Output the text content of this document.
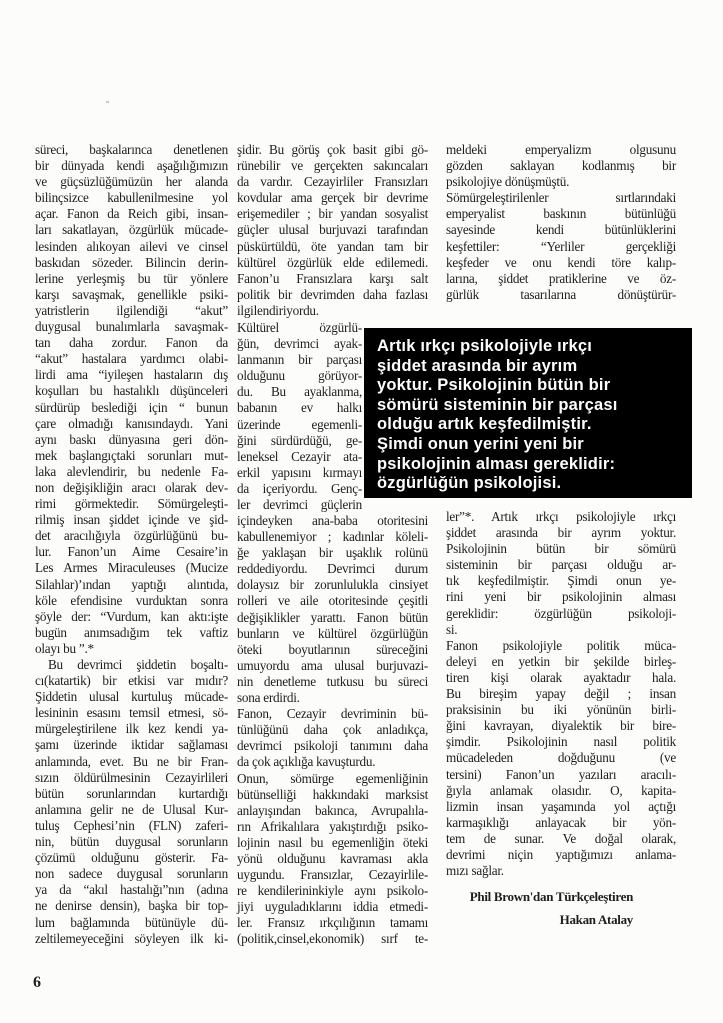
süreci, başkalarınca denetlenen
bir dünyada kendi aşağılığımızın
ve güçsüzlüğümüzün her alanda
bilinçsizce kabullenilmesine yol
açar. Fanon da Reich gibi, insan-
ları sakatlayan, özgürlük mücade-
lesinden alıkoyan ailevi ve cinsel
baskıdan sözeder. Bilincin derin-
lerine yerleşmiş bu tür yönlere
karşı savaşmak, genellikle psiki-
yatristlerin ilgilendiği “akut”
duygusal bunalımlarla savaşmak-
tan daha zordur. Fanon da
“akut” hastalara yardımcı olabi-
lirdi ama “iyileşen hastaların dış
koşulları bu hastalıklı düşünceleri
sürdürüp beslediği için “ bunun
çare olmadığı kanısındaydı. Yani
aynı baskı dünyasına geri dön-
mek başlangıçtaki sorunları mut-
laka alevlendirir, bu nedenle Fa-
non değişikliğin aracı olarak dev-
rimi görmektedir. Sömürgeleşti-
rilmiş insan şiddet içinde ve şid-
det aracılığıyla özgürlüğünü bu-
lur. Fanon’un Aime Cesaire’in
Les Armes Miraculeuses (Mucize
Silahlar)’ından yaptığı alıntıda,
köle efendisine vurduktan sonra
şöyle der: “Vurdum, kan aktı:işte
bugün anımsadığım tek vaftiz
olayı bu ”.*
Bu devrimci şiddetin boşaltı-
cı(katartik) bir etkisi var mıdır?
Şiddetin ulusal kurtuluş mücade-
lesininin esasını temsil etmesi, sö-
mürgeleştirilene ilk kez kendi ya-
şamı üzerinde iktidar sağlaması
anlamında, evet. Bu ne bir Fran-
sızın öldürülmesinin Cezayirlileri
bütün sorunlarından kurtardığı
anlamına gelir ne de Ulusal Kur-
tuluş Cephesi’nin (FLN) zaferi-
nin, bütün duygusal sorunların
çözümü olduğunu gösterir. Fa-
non sadece duygusal sorunların
ya da “akıl hastalığı”nın (adına
ne denirse densin), başka bir top-
lum bağlamında bütünüyle dü-
zeltilemeyeceğini söyleyen ilk ki-
şidir. Bu görüş çok basit gibi gö-
rünebilir ve gerçekten sakıncaları
da vardır. Cezayirliler Fransızları
kovdular ama gerçek bir devrime
erişemediler ; bir yandan sosyalist
güçler ulusal burjuvazi tarafından
püskürtüldü, öte yandan tam bir
kültürel özgürlük elde edilemedi.
Fanon’u Fransızlara karşı salt
politik bir devrimden daha fazlası
ilgilendiriyordu.
Kültürel özgürlü-
ğün, devrimci ayak-
lanmanın bir parçası
olduğunu görüyor-
du. Bu ayaklanma,
babanın ev halkı
üzerinde egemenli-
ğini sürdürdüğü, ge-
leneksel Cezayir ata-
erkil yapısını kırmayı
da içeriyordu. Genç-
ler devrimci güçlerin
içindeyken ana-baba otoritesini
kabullenemiyor ; kadınlar köleli-
ğe yaklaşan bir uşaklık rolünü
reddediyordu. Devrimci durum
dolaysız bir zorunlulukla cinsiyet
rolleri ve aile otoritesinde çeşitli
değişiklikler yarattı. Fanon bütün
bunların ve kültürel özgürlüğün
öteki boyutlarının süreceğini
umuyordu ama ulusal burjuvazi-
nin denetleme tutkusu bu süreci
sona erdirdi.
Fanon, Cezayir devriminin bü-
tünlüğünü daha çok anladıkça,
devrimci psikoloji tanımını daha
da çok açıklığa kavuşturdu.
Onun, sömürge egemenliğinin
bütünselliği hakkındaki marksist
anlayışından bakınca, Avrupalıla-
rın Afrikalılara yakıştırdığı psiko-
lojinin nasıl bu egemenliğin öteki
yönü olduğunu kavraması akla
uygundu. Fransızlar, Cezayirlile-
re kendilerininkiyle aynı psikolo-
jiyi uyguladıklarını iddia etmedi-
ler. Fransız ırkçılığının tamamı
(politik,cinsel,ekonomik) sırf te-
meldeki emperyalizm olgusunu
gözden saklayan kodlanmış bir
psikolojiye dönüşmüştü.
Sömürgeleştirilenler sırtlarındaki
emperyalist baskının bütünlüğü
sayesinde kendi bütünlüklerini
keşfettiler: “Yerliler gerçekliği
keşfeder ve onu kendi töre kalıp-
larına, şiddet pratiklerine ve öz-
gürlük tasarılarına dönüştürür-
Artık ırkçı psikolojiyle ırkçı
şiddet arasında bir ayrım
yoktur. Psikolojinin bütün bir
sömürü sisteminin bir parçası
olduğu artık keşfedilmiştir.
Şimdi onun yerini yeni bir
psikolojinin alması gereklidir:
özgürlüğün psikolojisi.
ler”*. Artık ırkçı psikolojiyle ırkçı
şiddet arasında bir ayrım yoktur.
Psikolojinin bütün bir sömürü
sisteminin bir parçası olduğu ar-
tık keşfedilmiştir. Şimdi onun ye-
rini yeni bir psikolojinin alması
gereklidir: özgürlüğün psikoloji-
si.
Fanon psikolojiyle politik müca-
deleyi en yetkin bir şekilde birleş-
tiren kişi olarak ayaktadır hala.
Bu bireşim yapay değil ; insan
praksisinin bu iki yönünün birli-
ğini kavrayan, diyalektik bir bire-
şimdir. Psikolojinin nasıl politik
mücadeleden doğduğunu (ve
tersini) Fanon’un yazıları aracılı-
ğıyla anlamak olasıdır. O, kapita-
lizmin insan yaşamında yol açtığı
karmaşıklığı anlayacak bir yön-
tem de sunar. Ve doğal olarak,
devrimi niçin yaptığımızı anlama-
mızı sağlar.
Phil Brown'dan Türkçeleştiren
Hakan Atalay
6
